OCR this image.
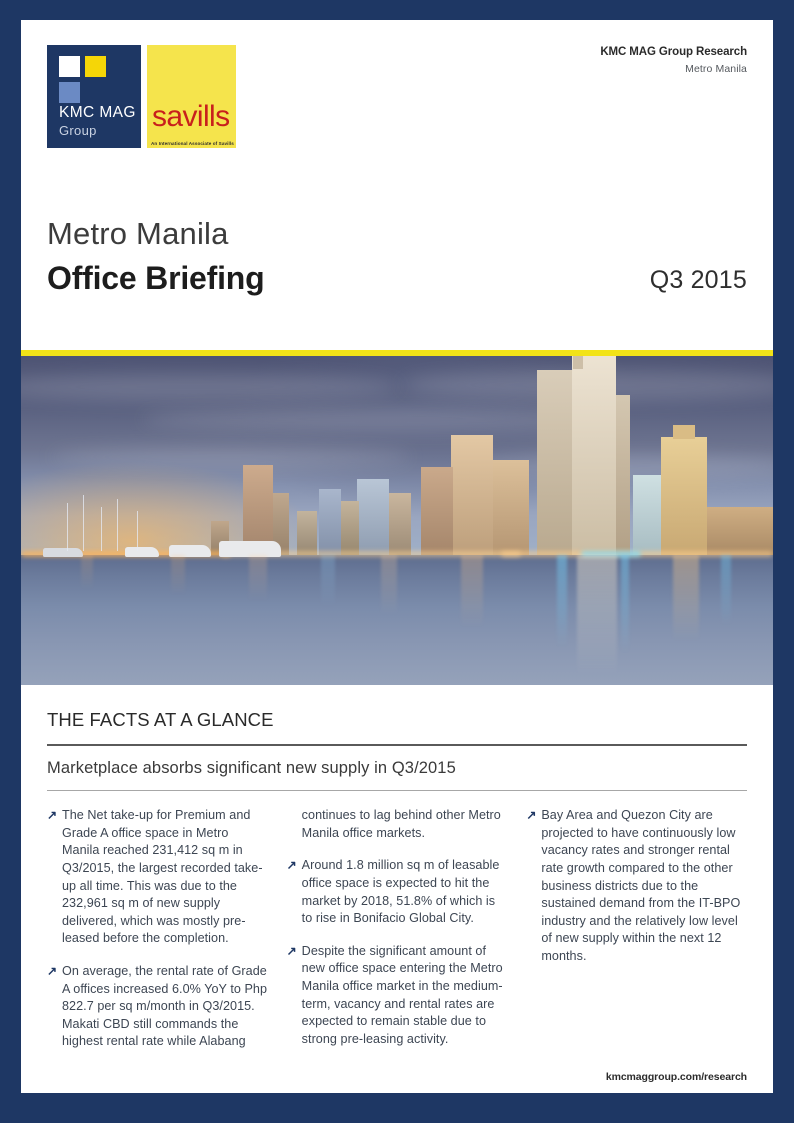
KMC MAG
Group savills
An International Associate of Savills
KMC MAG Group Research
Metro Manila
Metro Manila
Office Briefing	Q3 2015
THE FACTS AT A GLANCE
Marketplace absorbs significant new supply in Q3/2015
↗ The Net take-up for Premium and Grade A office space in Metro Manila reached 231,412 sq m in Q3/2015, the largest recorded take-up all time. This was due to the 232,961 sq m of new supply delivered, which was mostly pre-leased before the completion.
↗ On average, the rental rate of Grade A offices increased 6.0% YoY to Php 822.7 per sq m/month in Q3/2015. Makati CBD still commands the highest rental rate while Alabang
continues to lag behind other Metro Manila office markets.
↗ Around 1.8 million sq m of leasable office space is expected to hit the market by 2018, 51.8% of which is to rise in Bonifacio Global City.
↗ Despite the significant amount of new office space entering the Metro Manila office market in the medium-term, vacancy and rental rates are expected to remain stable due to strong pre-leasing activity.
↗ Bay Area and Quezon City are projected to have continuously low vacancy rates and stronger rental rate growth compared to the other business districts due to the sustained demand from the IT-BPO industry and the relatively low level of new supply within the next 12 months.
kmcmaggroup.com/research
